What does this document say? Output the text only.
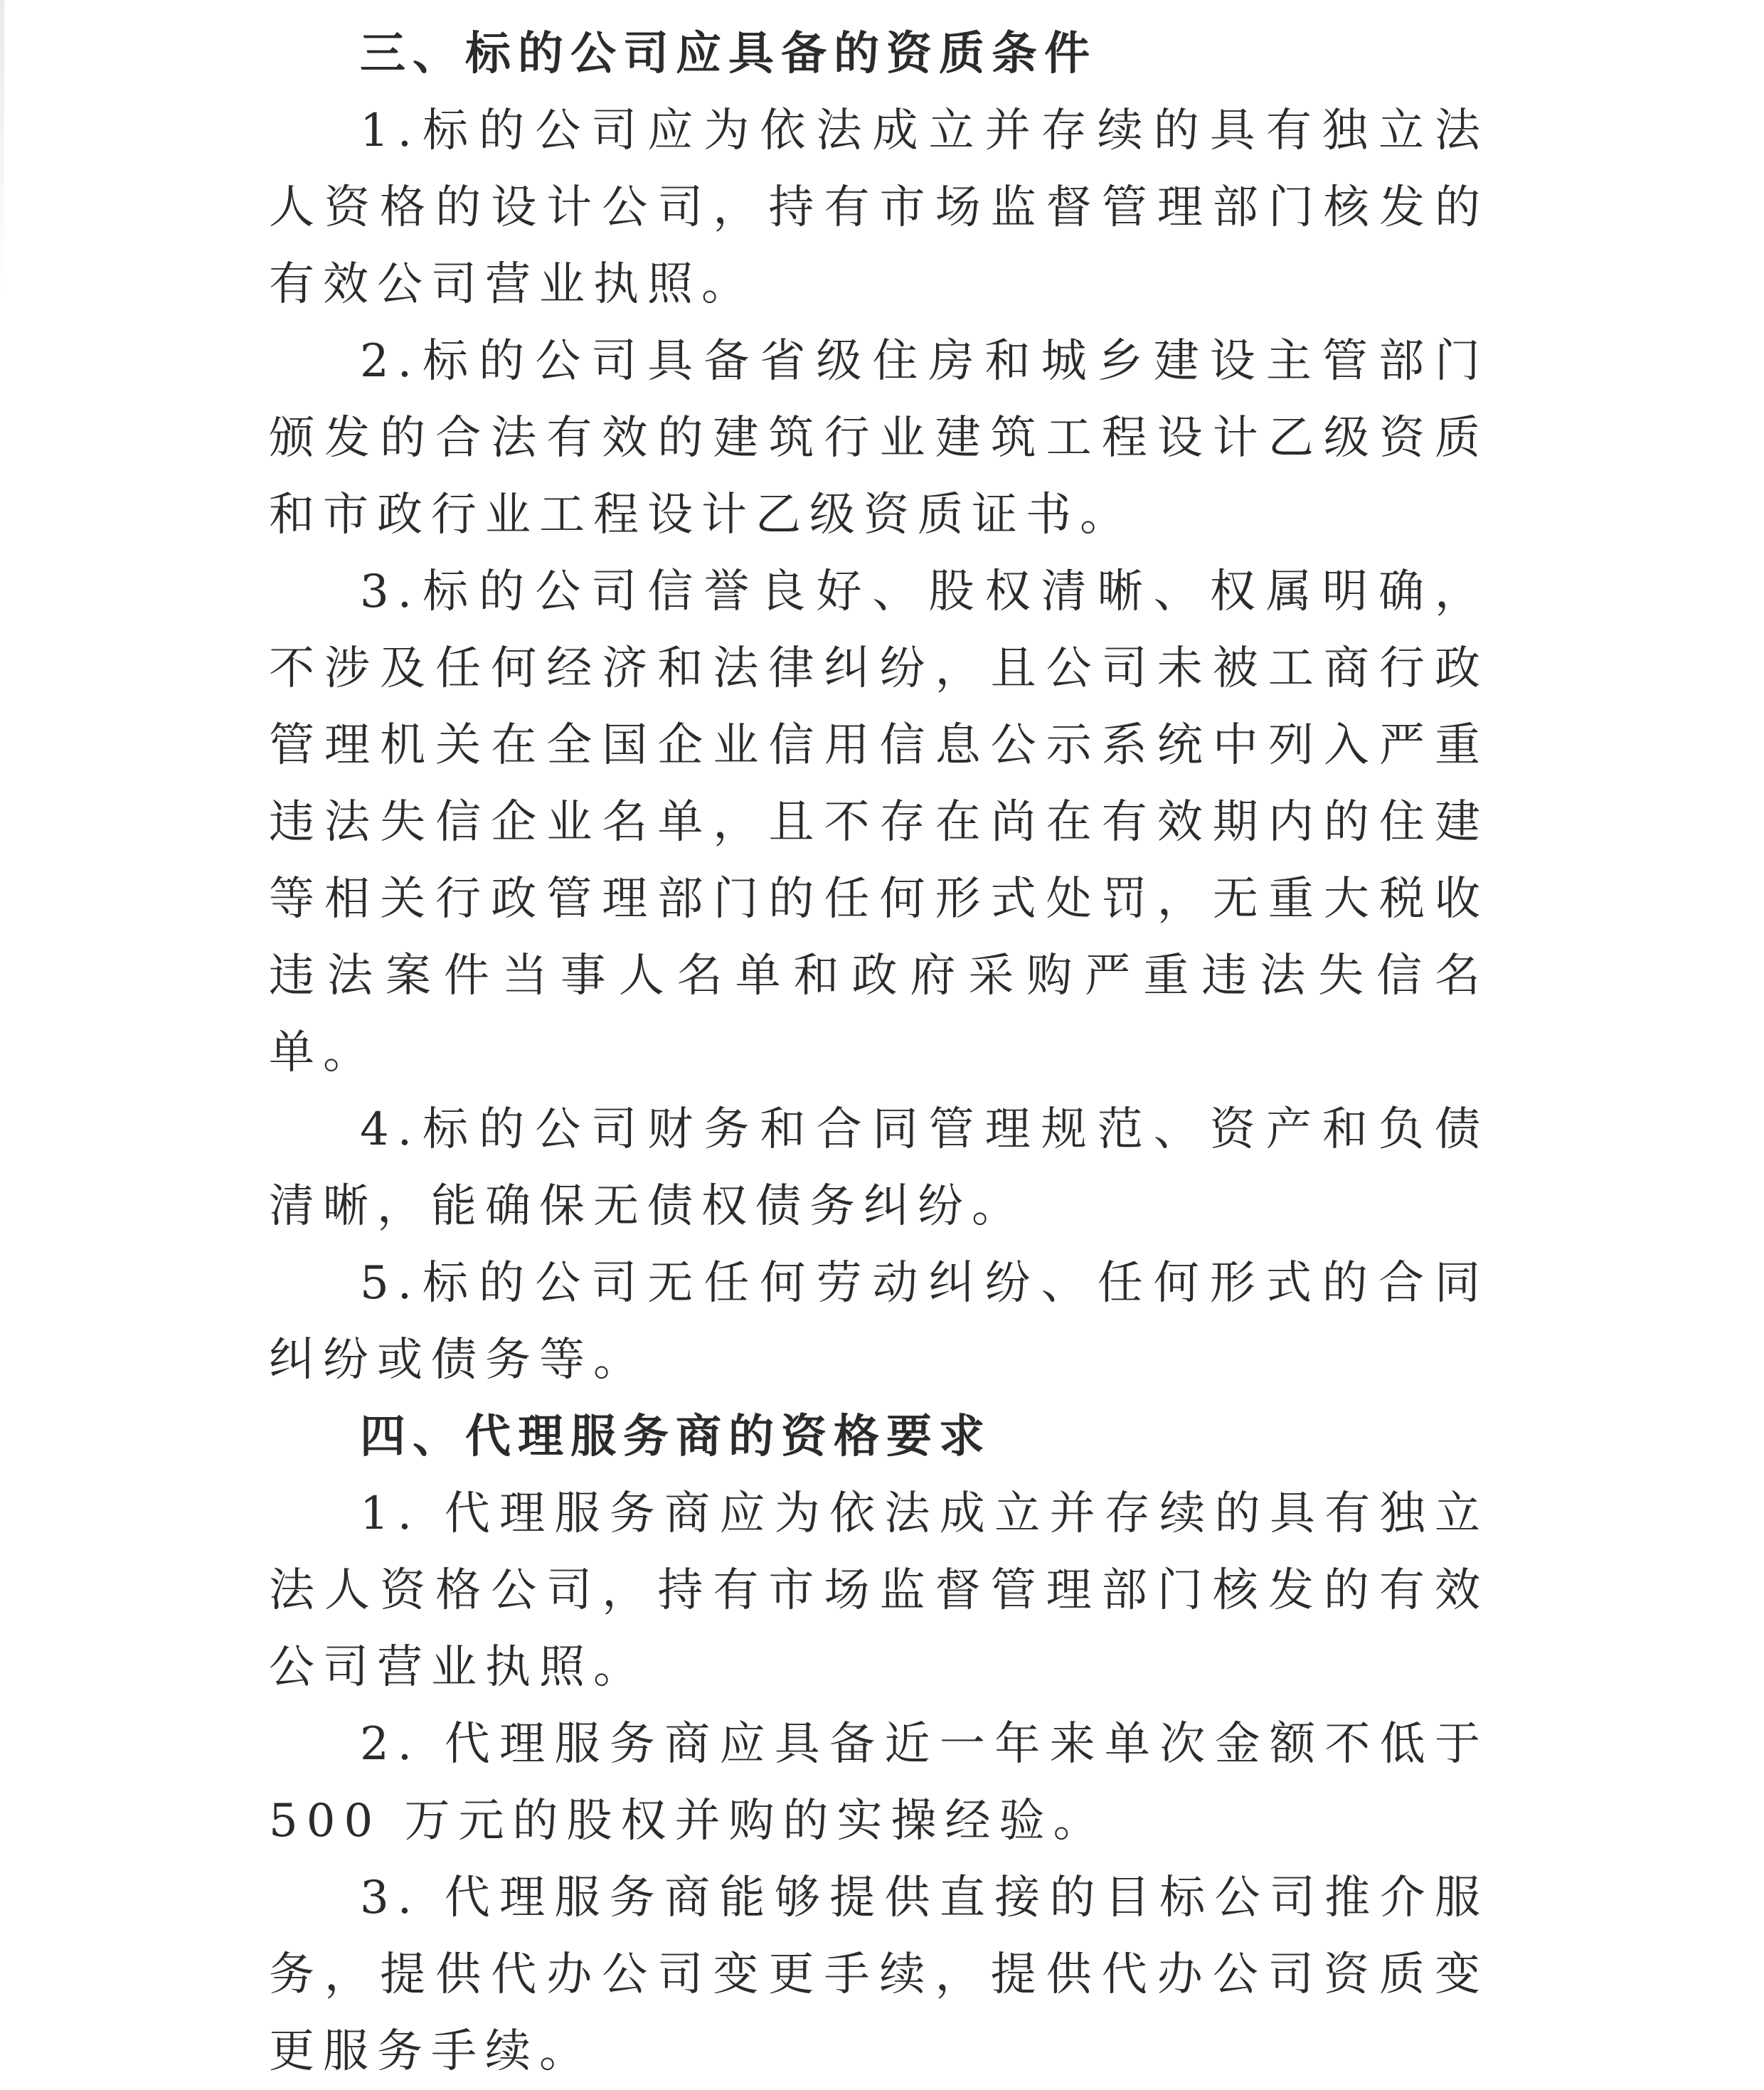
三、标的公司应具备的资质条件

1.标的公司应为依法成立并存续的具有独立法人资格的设计公司，持有市场监督管理部门核发的有效公司营业执照。

2.标的公司具备省级住房和城乡建设主管部门颁发的合法有效的建筑行业建筑工程设计乙级资质和市政行业工程设计乙级资质证书。

3.标的公司信誉良好、股权清晰、权属明确，不涉及任何经济和法律纠纷，且公司未被工商行政管理机关在全国企业信用信息公示系统中列入严重违法失信企业名单，且不存在尚在有效期内的住建等相关行政管理部门的任何形式处罚，无重大税收违法案件当事人名单和政府采购严重违法失信名单。

4.标的公司财务和合同管理规范、资产和负债清晰，能确保无债权债务纠纷。

5.标的公司无任何劳动纠纷、任何形式的合同纠纷或债务等。

四、代理服务商的资格要求

1. 代理服务商应为依法成立并存续的具有独立法人资格公司，持有市场监督管理部门核发的有效公司营业执照。

2. 代理服务商应具备近一年来单次金额不低于 500 万元的股权并购的实操经验。

3. 代理服务商能够提供直接的目标公司推介服务，提供代办公司变更手续，提供代办公司资质变更服务手续。
